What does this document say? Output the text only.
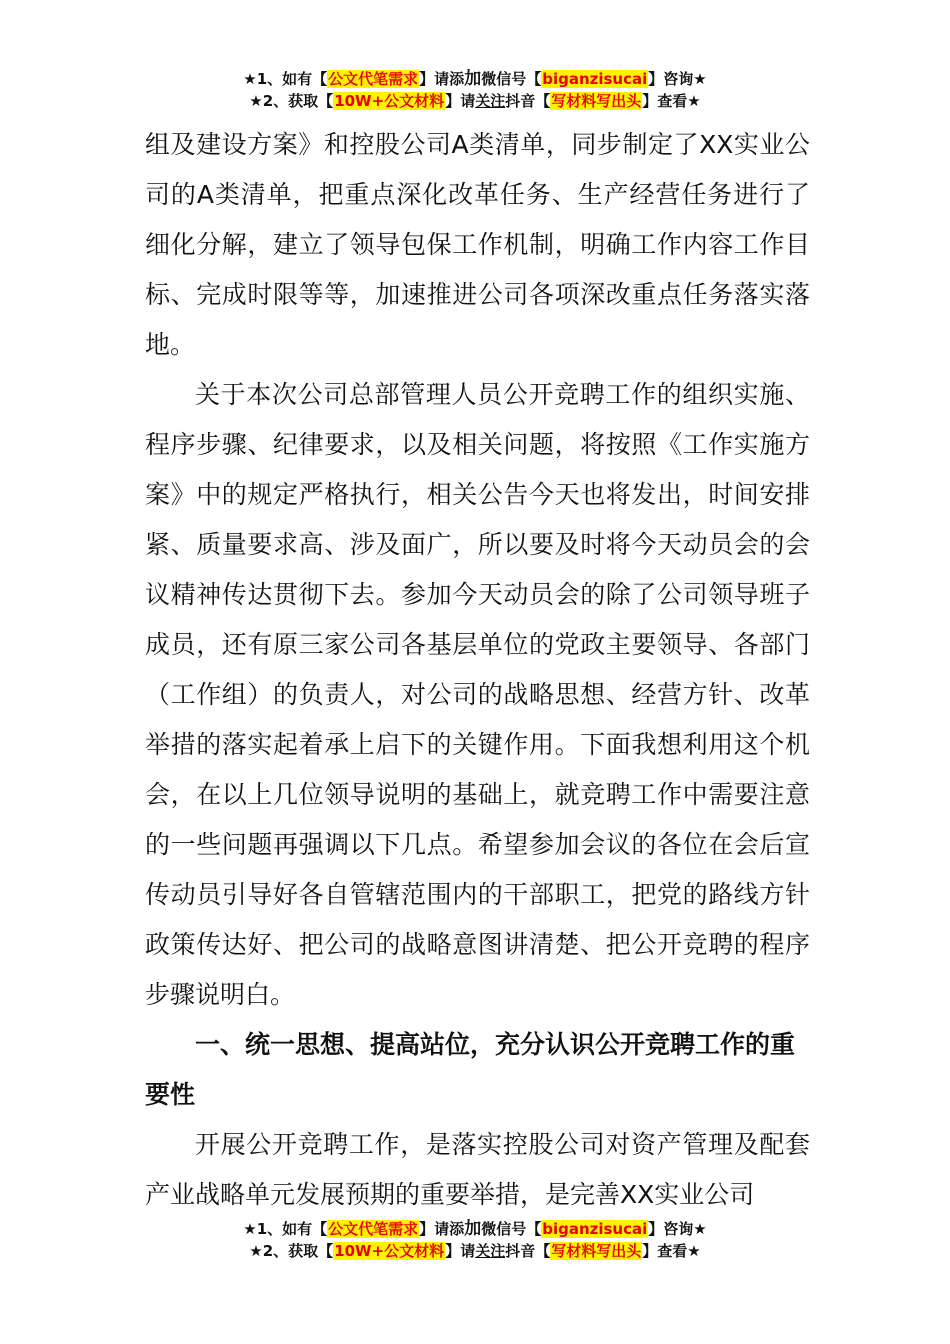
★1、如有【公文代笔需求】请添加微信号【biganzisucai】咨询★
★2、获取【10W+公文材料】请关注抖音【写材料写出头】查看★

组及建设方案》和控股公司A类清单，同步制定了XX实业公司的A类清单，把重点深化改革任务、生产经营任务进行了细化分解，建立了领导包保工作机制，明确工作内容工作目标、完成时限等等，加速推进公司各项深改重点任务落实落地。

关于本次公司总部管理人员公开竞聘工作的组织实施、程序步骤、纪律要求，以及相关问题，将按照《工作实施方案》中的规定严格执行，相关公告今天也将发出，时间安排紧、质量要求高、涉及面广，所以要及时将今天动员会的会议精神传达贯彻下去。参加今天动员会的除了公司领导班子成员，还有原三家公司各基层单位的党政主要领导、各部门（工作组）的负责人，对公司的战略思想、经营方针、改革举措的落实起着承上启下的关键作用。下面我想利用这个机会，在以上几位领导说明的基础上，就竞聘工作中需要注意的一些问题再强调以下几点。希望参加会议的各位在会后宣传动员引导好各自管辖范围内的干部职工，把党的路线方针政策传达好、把公司的战略意图讲清楚、把公开竞聘的程序步骤说明白。

一、统一思想、提高站位，充分认识公开竞聘工作的重要性

开展公开竞聘工作，是落实控股公司对资产管理及配套产业战略单元发展预期的重要举措，是完善XX实业公司

★1、如有【公文代笔需求】请添加微信号【biganzisucai】咨询★
★2、获取【10W+公文材料】请关注抖音【写材料写出头】查看★
